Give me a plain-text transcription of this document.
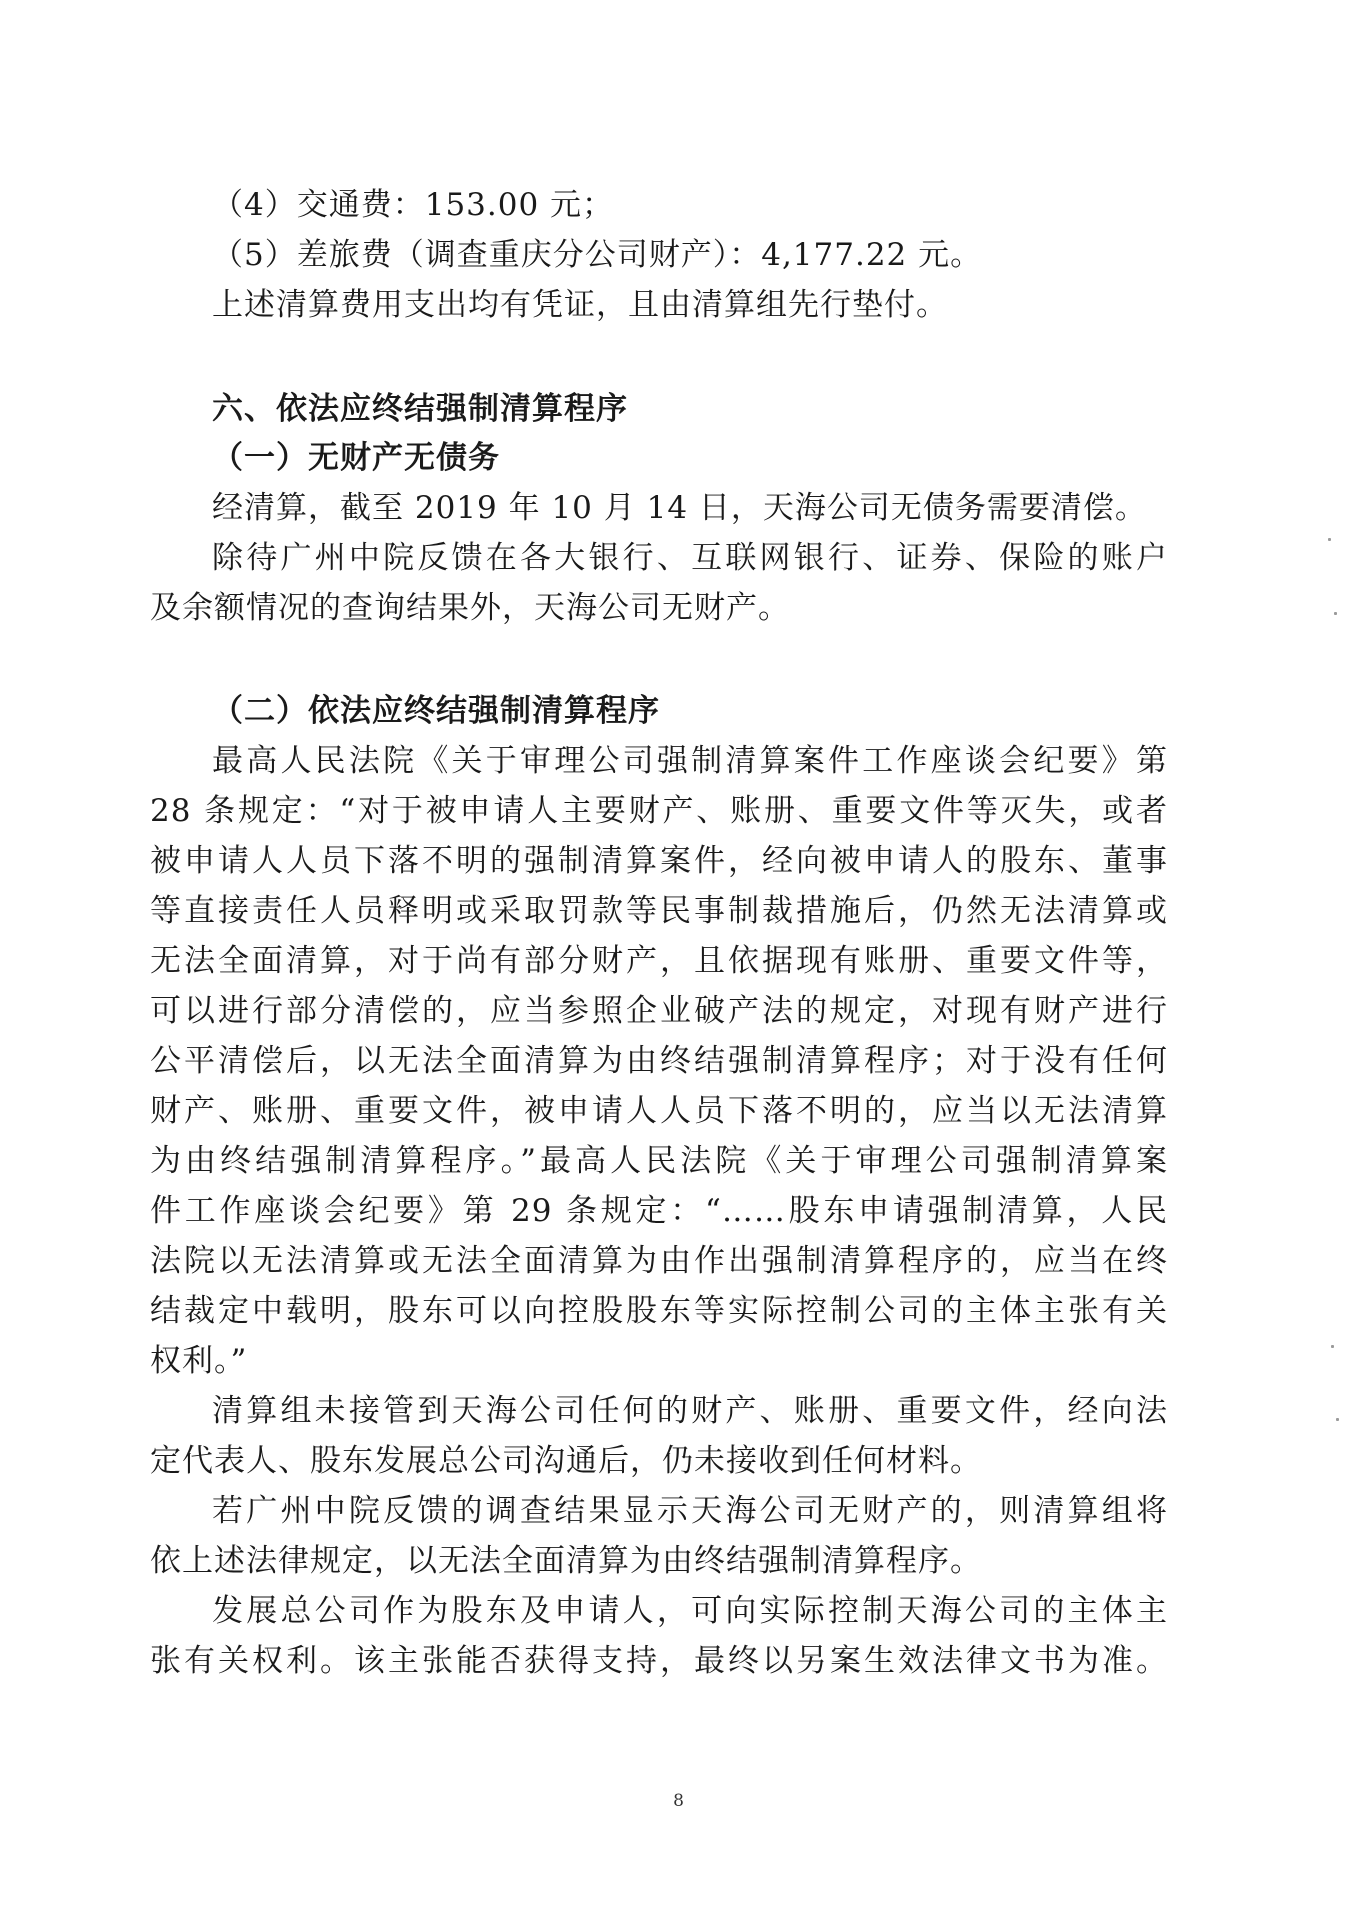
（4）交通费：153.00 元；
（5）差旅费（调查重庆分公司财产）：4,177.22 元。
上述清算费用支出均有凭证，且由清算组先行垫付。
六、依法应终结强制清算程序
（一）无财产无债务
经清算，截至 2019 年 10 月 14 日，天海公司无债务需要清偿。
除待广州中院反馈在各大银行、互联网银行、证券、保险的账户
及余额情况的查询结果外，天海公司无财产。
（二）依法应终结强制清算程序
最高人民法院《关于审理公司强制清算案件工作座谈会纪要》第
28 条规定：“对于被申请人主要财产、账册、重要文件等灭失，或者
被申请人人员下落不明的强制清算案件，经向被申请人的股东、董事
等直接责任人员释明或采取罚款等民事制裁措施后，仍然无法清算或
无法全面清算，对于尚有部分财产，且依据现有账册、重要文件等，
可以进行部分清偿的，应当参照企业破产法的规定，对现有财产进行
公平清偿后，以无法全面清算为由终结强制清算程序；对于没有任何
财产、账册、重要文件，被申请人人员下落不明的，应当以无法清算
为由终结强制清算程序。”最高人民法院《关于审理公司强制清算案
件工作座谈会纪要》第 29 条规定：“……股东申请强制清算，人民
法院以无法清算或无法全面清算为由作出强制清算程序的，应当在终
结裁定中载明，股东可以向控股股东等实际控制公司的主体主张有关
权利。”
清算组未接管到天海公司任何的财产、账册、重要文件，经向法
定代表人、股东发展总公司沟通后，仍未接收到任何材料。
若广州中院反馈的调查结果显示天海公司无财产的，则清算组将
依上述法律规定，以无法全面清算为由终结强制清算程序。
发展总公司作为股东及申请人，可向实际控制天海公司的主体主
张有关权利。该主张能否获得支持，最终以另案生效法律文书为准。
8
